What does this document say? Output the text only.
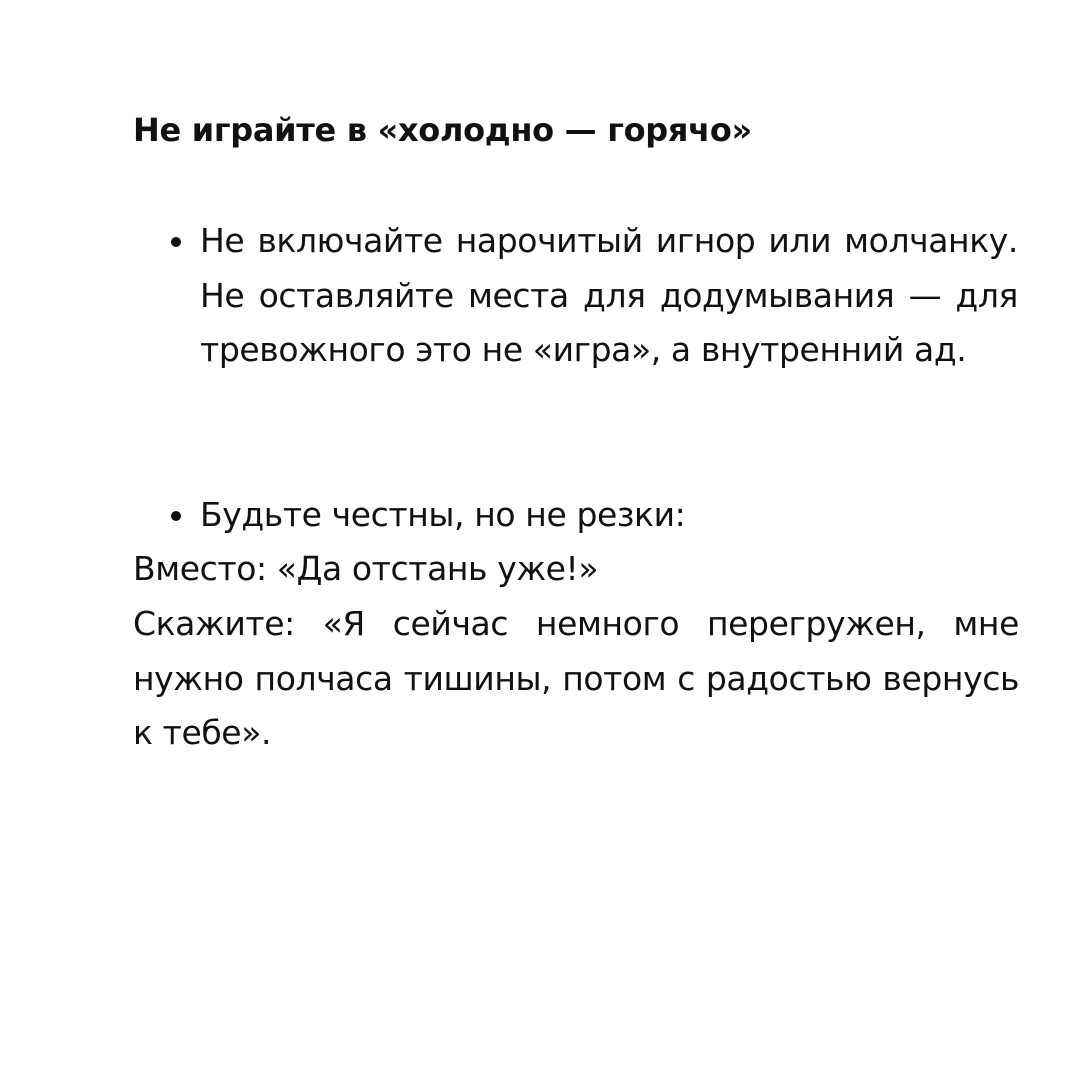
Не играйте в «холодно — горячо»
Не включайте нарочитый игнор или молчанку. Не оставляйте места для додумывания — для тревожного это не «игра», а внутренний ад.
Будьте честны, но не резки:

Вместо: «Да отстань уже!»

Скажите: «Я сейчас немного перегружен, мне нужно полчаса тишины, потом с радостью вернусь к тебе».
